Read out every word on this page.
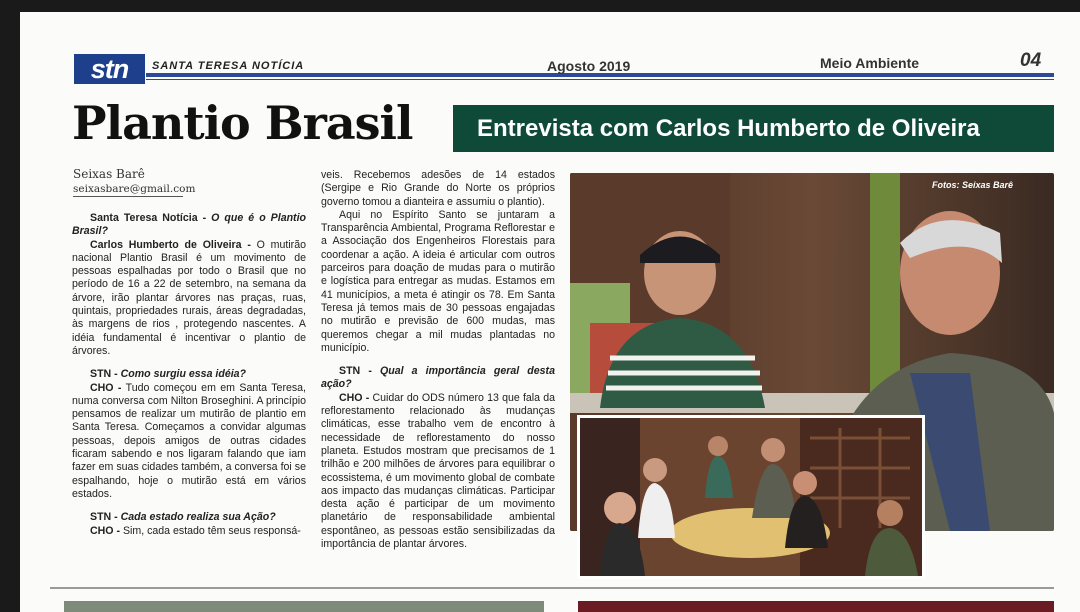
stn	SANTA TERESA NOTÍCIA	Agosto 2019	Meio Ambiente	04
Plantio Brasil	Entrevista com Carlos Humberto de Oliveira
Seixas Barê
seixasbare@gmail.com

Santa Teresa Notícia - O que é o Plantio Brasil?

Carlos Humberto de Oliveira - O mutirão nacional Plantio Brasil é um movimento de pessoas espalhadas por todo o Brasil que no período de 16 a 22 de setembro, na semana da árvore, irão plantar árvores nas praças, ruas, quintais, propriedades rurais, áreas degradadas, às margens de rios , protegendo nascentes. A idéia fundamental é incentivar o plantio de árvores.

STN - Como surgiu essa idéia?

CHO - Tudo começou em em Santa Teresa, numa conversa com Nilton Broseghini. A princípio pensamos de realizar um mutirão de plantio em Santa Teresa. Começamos a convidar algumas pessoas, depois amigos de outras cidades ficaram sabendo e nos ligaram falando que iam fazer em suas cidades também, a conversa foi se espalhando, hoje o mutirão está em vários estados.

STN - Cada estado realiza sua Ação?

CHO - Sim, cada estado têm seus responsá-

veis. Recebemos adesões de 14 estados (Sergipe e Rio Grande do Norte os próprios governo tomou a dianteira e assumiu o plantio).

Aqui no Espírito Santo se juntaram a Transparência Ambiental, Programa Reflorestar e a Associação dos Engenheiros Florestais para coordenar a ação. A ideia é articular com outros parceiros para doação de mudas para o mutirão e logística para entregar as mudas. Estamos em 41 municípios, a meta é atingir os 78. Em Santa Teresa já temos mais de 30 pessoas engajadas no mutirão e previsão de 600 mudas, mas queremos chegar a mil mudas plantadas no município.

STN - Qual a importância geral desta ação?

CHO - Cuidar do ODS número 13 que fala da reflorestamento relacionado às mudanças climáticas, esse trabalho vem de encontro à necessidade de reflorestamento do nosso planeta. Estudos mostram que precisamos de 1 trilhão e 200 milhões de árvores para equilibrar o ecossistema, é um movimento global de combate aos impacto das mudanças climáticas. Participar desta ação é participar de um movimento planetário de responsabilidade ambiental espontâneo, as pessoas estão sensibilizadas da importância de plantar árvores.

Fotos: Seixas Barê
